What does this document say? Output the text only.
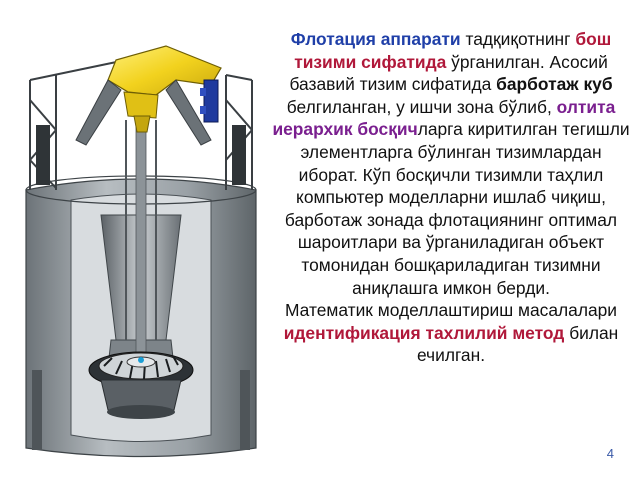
Флотация аппарати тадқиқотнинг бош тизими сифатида ўрганилган. Асосий базавий тизим сифатида барботаж куб белгиланган, у ишчи зона бўлиб, олтита иерархик босқичларга киритилган тегишли элементларга бўлинган тизимлардан иборат. Кўп босқичли тизимли таҳлил компьютер моделларни ишлаб чиқиш, барботаж зонада флотациянинг оптимал шароитлари ва ўрганиладиган объект томонидан бошқариладиган тизимни аниқлашга имкон берди.

Математик моделлаштириш масалалари идентификация тахлилий метод билан ечилган.

4
